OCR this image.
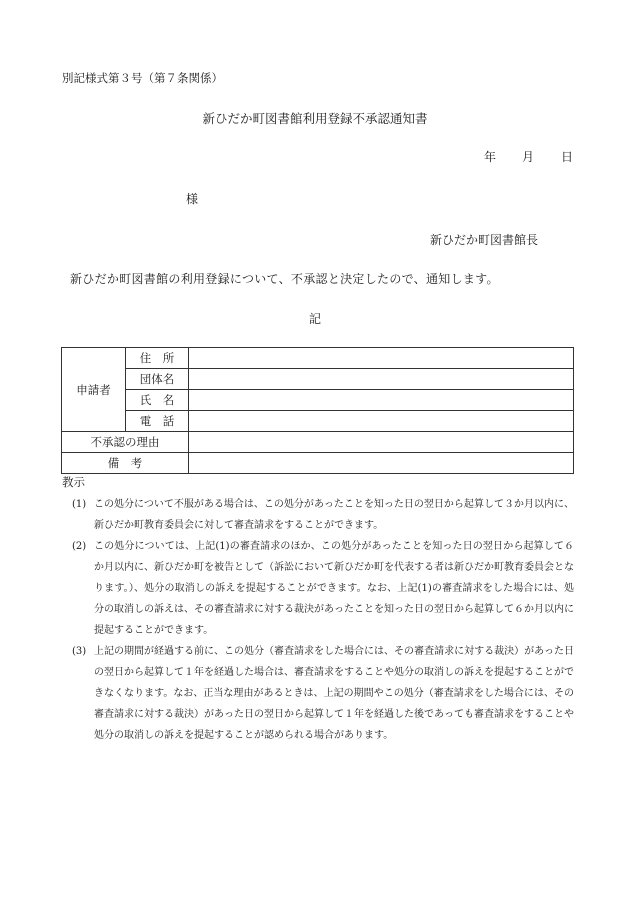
別記様式第３号（第７条関係）
新ひだか町図書館利用登録不承認通知書
年 月 日
様
新ひだか町図書館長
新ひだか町図書館の利用登録について、不承認と決定したので、通知します。
記
申請者	住　所	
	団体名	
	氏　名	
	電　話	
不承認の理由		
備　考		
教示
(1) この処分について不服がある場合は、この処分があったことを知った日の翌日から起算して３か月以内に、新ひだか町教育委員会に対して審査請求をすることができます。
(2) この処分については、上記(1)の審査請求のほか、この処分があったことを知った日の翌日から起算して６か月以内に、新ひだか町を被告として（訴訟において新ひだか町を代表する者は新ひだか町教育委員会となります。）、処分の取消しの訴えを提起することができます。なお、上記(1)の審査請求をした場合には、処分の取消しの訴えは、その審査請求に対する裁決があったことを知った日の翌日から起算して６か月以内に提起することができます。
(3) 上記の期間が経過する前に、この処分（審査請求をした場合には、その審査請求に対する裁決）があった日の翌日から起算して１年を経過した場合は、審査請求をすることや処分の取消しの訴えを提起することができなくなります。なお、正当な理由があるときは、上記の期間やこの処分（審査請求をした場合には、その審査請求に対する裁決）があった日の翌日から起算して１年を経過した後であっても審査請求をすることや処分の取消しの訴えを提起することが認められる場合があります。
